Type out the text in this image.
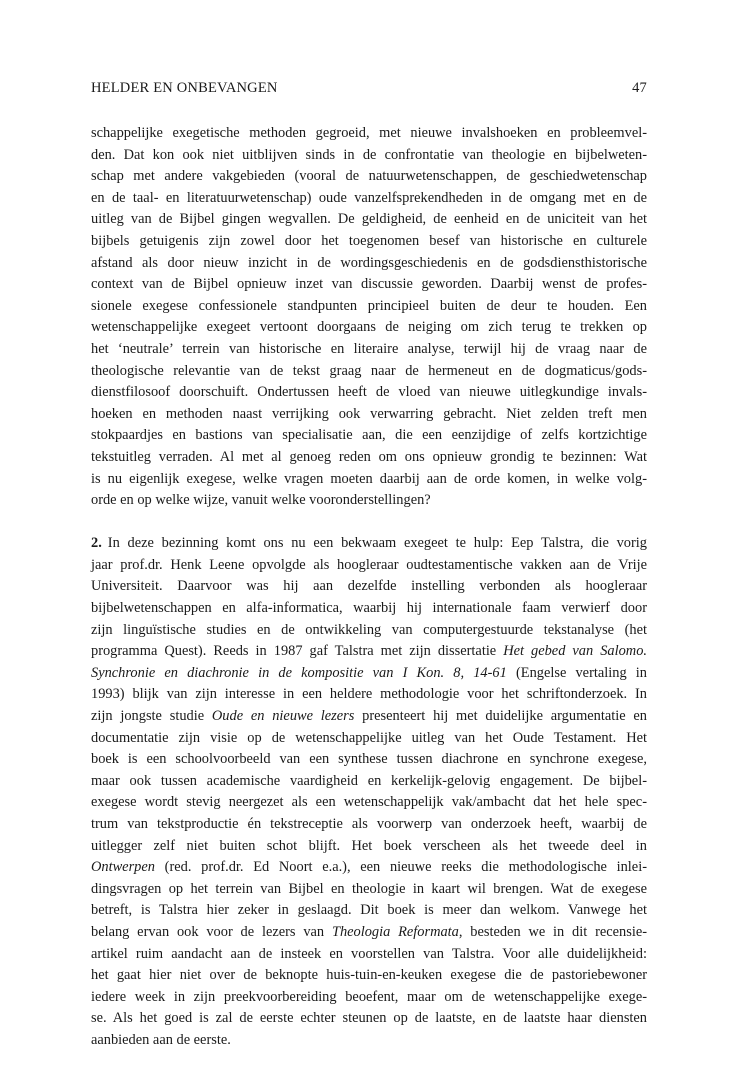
HELDER EN ONBEVANGEN	47
schappelijke exegetische methoden gegroeid, met nieuwe invalshoeken en probleemvel-
den. Dat kon ook niet uitblijven sinds in de confrontatie van theologie en bijbelweten-
schap met andere vakgebieden (vooral de natuurwetenschappen, de geschiedwetenschap
en de taal- en literatuurwetenschap) oude vanzelfsprekendheden in de omgang met en de
uitleg van de Bijbel gingen wegvallen. De geldigheid, de eenheid en de uniciteit van het
bijbels getuigenis zijn zowel door het toegenomen besef van historische en culturele
afstand als door nieuw inzicht in de wordingsgeschiedenis en de godsdiensthistorische
context van de Bijbel opnieuw inzet van discussie geworden. Daarbij wenst de profes-
sionele exegese confessionele standpunten principieel buiten de deur te houden. Een
wetenschappelijke exegeet vertoont doorgaans de neiging om zich terug te trekken op
het ‘neutrale’ terrein van historische en literaire analyse, terwijl hij de vraag naar de
theologische relevantie van de tekst graag naar de hermeneut en de dogmaticus/gods-
dienstfilosoof doorschuift. Ondertussen heeft de vloed van nieuwe uitlegkundige invals-
hoeken en methoden naast verrijking ook verwarring gebracht. Niet zelden treft men
stokpaardjes en bastions van specialisatie aan, die een eenzijdige of zelfs kortzichtige
tekstuitleg verraden. Al met al genoeg reden om ons opnieuw grondig te bezinnen: Wat
is nu eigenlijk exegese, welke vragen moeten daarbij aan de orde komen, in welke volg-
orde en op welke wijze, vanuit welke vooronderstellingen?
2. In deze bezinning komt ons nu een bekwaam exegeet te hulp: Eep Talstra, die vorig
jaar prof.dr. Henk Leene opvolgde als hoogleraar oudtestamentische vakken aan de Vrije
Universiteit. Daarvoor was hij aan dezelfde instelling verbonden als hoogleraar
bijbelwetenschappen en alfa-informatica, waarbij hij internationale faam verwierf door
zijn linguïstische studies en de ontwikkeling van computergestuurde tekstanalyse (het
programma Quest). Reeds in 1987 gaf Talstra met zijn dissertatie Het gebed van Salomo.
Synchronie en diachronie in de kompositie van I Kon. 8, 14-61 (Engelse vertaling in
1993) blijk van zijn interesse in een heldere methodologie voor het schriftonderzoek. In
zijn jongste studie Oude en nieuwe lezers presenteert hij met duidelijke argumentatie en
documentatie zijn visie op de wetenschappelijke uitleg van het Oude Testament. Het
boek is een schoolvoorbeeld van een synthese tussen diachrone en synchrone exegese,
maar ook tussen academische vaardigheid en kerkelijk-gelovig engagement. De bijbel-
exegese wordt stevig neergezet als een wetenschappelijk vak/ambacht dat het hele spec-
trum van tekstproductie én tekstreceptie als voorwerp van onderzoek heeft, waarbij de
uitlegger zelf niet buiten schot blijft. Het boek verscheen als het tweede deel in
Ontwerpen (red. prof.dr. Ed Noort e.a.), een nieuwe reeks die methodologische inlei-
dingsvragen op het terrein van Bijbel en theologie in kaart wil brengen. Wat de exegese
betreft, is Talstra hier zeker in geslaagd. Dit boek is meer dan welkom. Vanwege het
belang ervan ook voor de lezers van Theologia Reformata, besteden we in dit recensie-
artikel ruim aandacht aan de insteek en voorstellen van Talstra. Voor alle duidelijkheid:
het gaat hier niet over de beknopte huis-tuin-en-keuken exegese die de pastoriebewoner
iedere week in zijn preekvoorbereiding beoefent, maar om de wetenschappelijke exege-
se. Als het goed is zal de eerste echter steunen op de laatste, en de laatste haar diensten
aanbieden aan de eerste.
